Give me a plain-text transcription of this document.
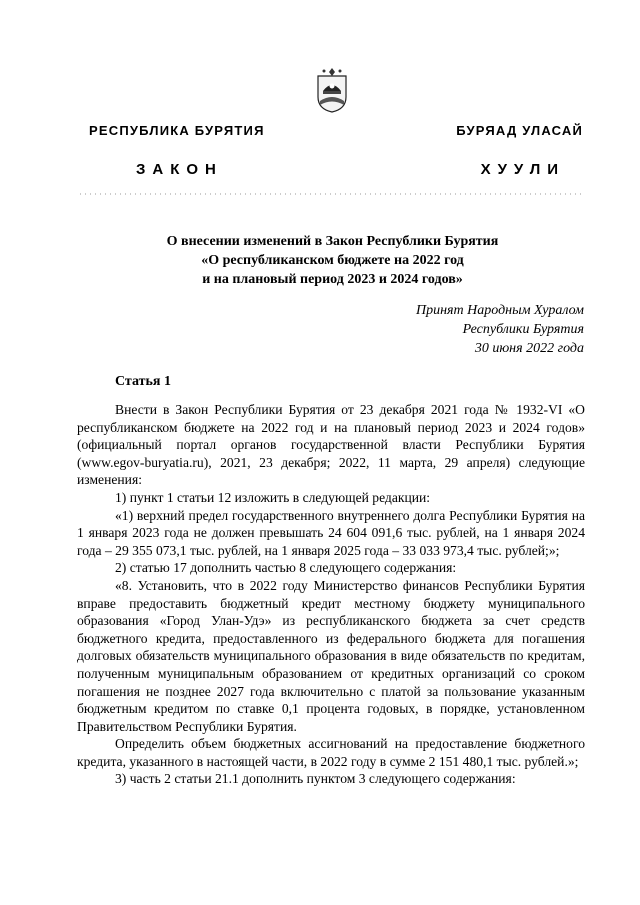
РЕСПУБЛИКА БУРЯТИЯ	БУРЯАД УЛАСАЙ
ЗАКОН	ХУУЛИ
О внесении изменений в Закон Республики Бурятия
«О республиканском бюджете на 2022 год
и на плановый период 2023 и 2024 годов»
Принят Народным Хуралом
Республики Бурятия
30 июня 2022 года
Статья 1

Внести в Закон Республики Бурятия от 23 декабря 2021 года № 1932-VI «О республиканском бюджете на 2022 год и на плановый период 2023 и 2024 годов» (официальный портал органов государственной власти Республики Бурятия (www.egov-buryatia.ru), 2021, 23 декабря; 2022, 11 марта, 29 апреля) следующие изменения:

1) пункт 1 статьи 12 изложить в следующей редакции:

«1) верхний предел государственного внутреннего долга Республики Бурятия на 1 января 2023 года не должен превышать 24 604 091,6 тыс. рублей, на 1 января 2024 года – 29 355 073,1 тыс. рублей, на 1 января 2025 года – 33 033 973,4 тыс. рублей;»;

2) статью 17 дополнить частью 8 следующего содержания:

«8. Установить, что в 2022 году Министерство финансов Республики Бурятия вправе предоставить бюджетный кредит местному бюджету муниципального образования «Город Улан-Удэ» из республиканского бюджета за счет средств бюджетного кредита, предоставленного из федерального бюджета для погашения долговых обязательств муниципального образования в виде обязательств по кредитам, полученным муниципальным образованием от кредитных организаций со сроком погашения не позднее 2027 года включительно с платой за пользование указанным бюджетным кредитом по ставке 0,1 процента годовых, в порядке, установленном Правительством Республики Бурятия.

Определить объем бюджетных ассигнований на предоставление бюджетного кредита, указанного в настоящей части, в 2022 году в сумме 2 151 480,1 тыс. рублей.»;

3) часть 2 статьи 21.1 дополнить пунктом 3 следующего содержания:
